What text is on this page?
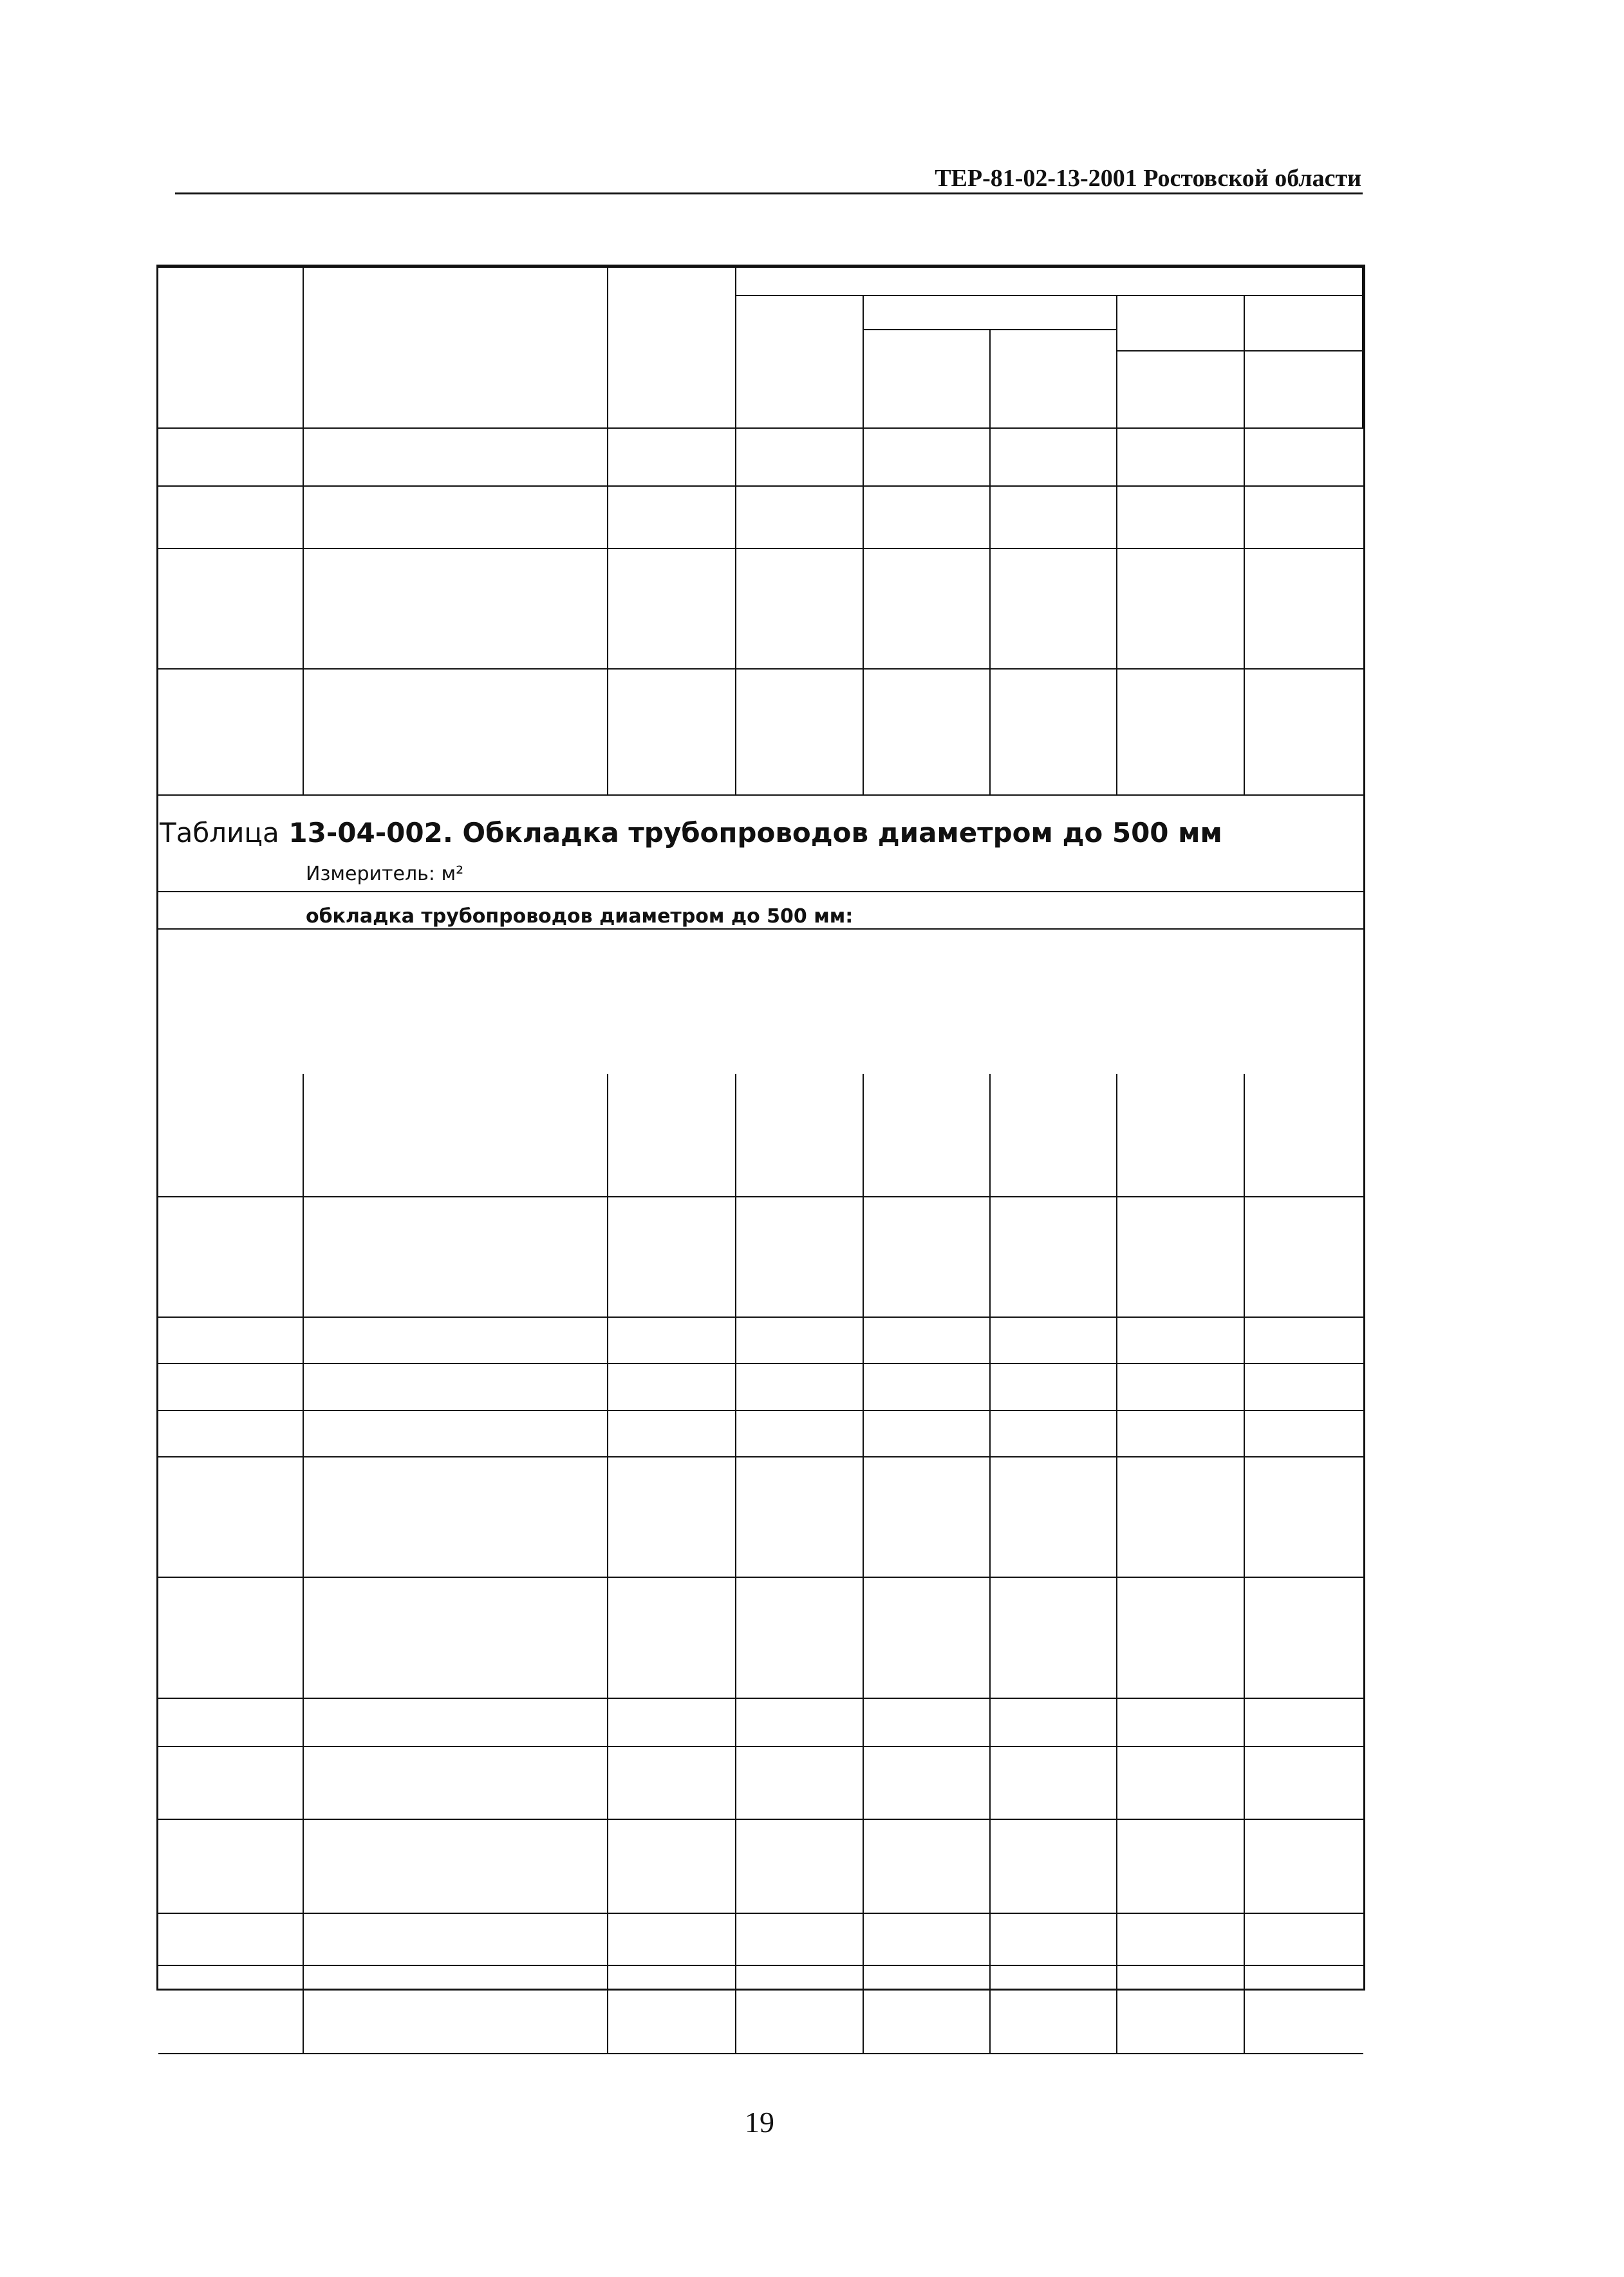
ТЕР-81-02-13-2001 Ростовской области
Таблица 13-04-002. Обкладка трубопроводов диаметром до 500 мм
Измеритель: м²
обкладка трубопроводов диаметром до 500 мм:
19
